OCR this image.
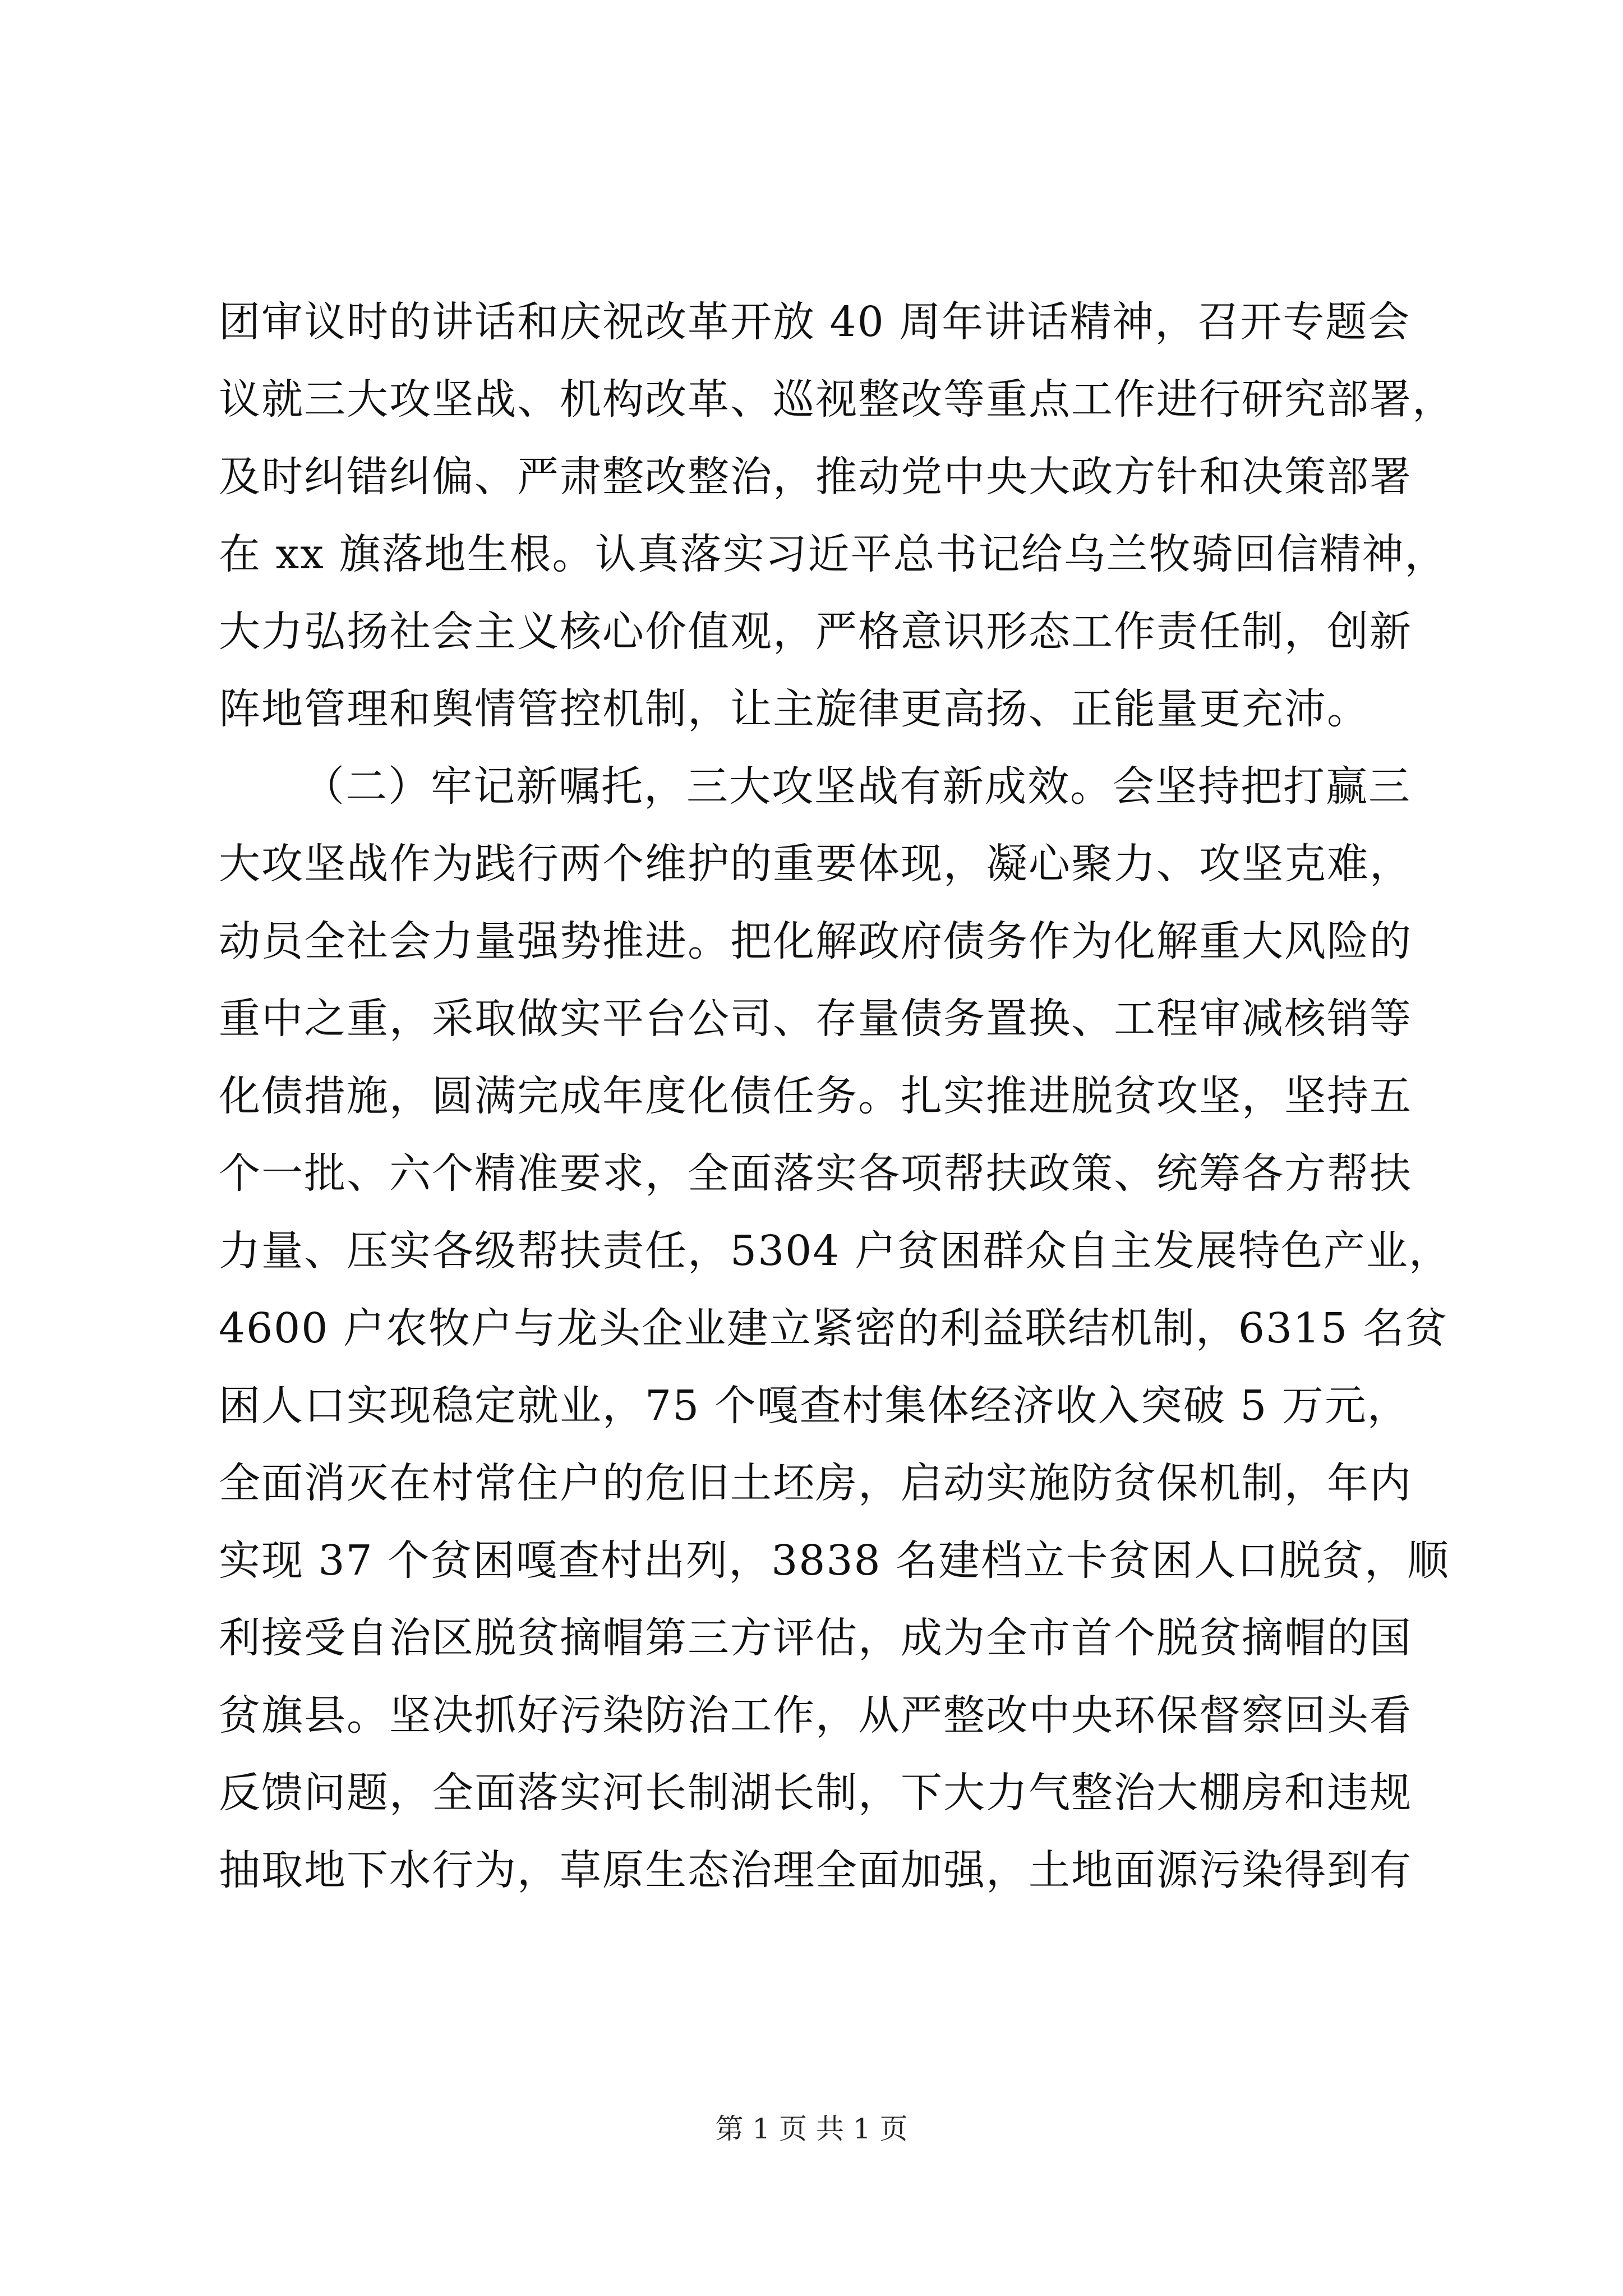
团审议时的讲话和庆祝改革开放 40 周年讲话精神，召开专题会
议就三大攻坚战、机构改革、巡视整改等重点工作进行研究部署，
及时纠错纠偏、严肃整改整治，推动党中央大政方针和决策部署
在 xx 旗落地生根。认真落实习近平总书记给乌兰牧骑回信精神，
大力弘扬社会主义核心价值观，严格意识形态工作责任制，创新
阵地管理和舆情管控机制，让主旋律更高扬、正能量更充沛。
（二）牢记新嘱托，三大攻坚战有新成效。会坚持把打赢三
大攻坚战作为践行两个维护的重要体现，凝心聚力、攻坚克难，
动员全社会力量强势推进。把化解政府债务作为化解重大风险的
重中之重，采取做实平台公司、存量债务置换、工程审减核销等
化债措施，圆满完成年度化债任务。扎实推进脱贫攻坚，坚持五
个一批、六个精准要求，全面落实各项帮扶政策、统筹各方帮扶
力量、压实各级帮扶责任，5304 户贫困群众自主发展特色产业，
4600 户农牧户与龙头企业建立紧密的利益联结机制，6315 名贫
困人口实现稳定就业，75 个嘎查村集体经济收入突破 5 万元，
全面消灭在村常住户的危旧土坯房，启动实施防贫保机制，年内
实现 37 个贫困嘎查村出列，3838 名建档立卡贫困人口脱贫，顺
利接受自治区脱贫摘帽第三方评估，成为全市首个脱贫摘帽的国
贫旗县。坚决抓好污染防治工作，从严整改中央环保督察回头看
反馈问题，全面落实河长制湖长制，下大力气整治大棚房和违规
抽取地下水行为，草原生态治理全面加强，土地面源污染得到有
第 1 页 共 1 页
